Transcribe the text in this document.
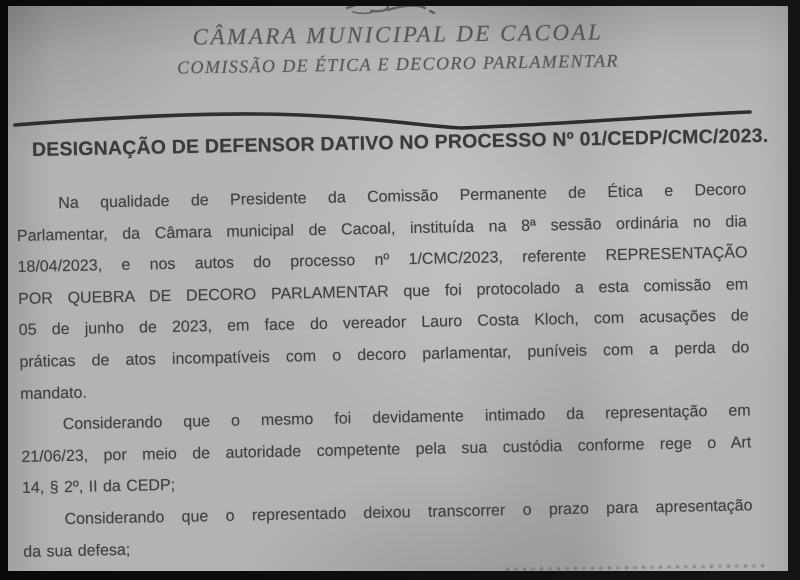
CÂMARA MUNICIPAL DE CACOAL
COMISSÃO DE ÉTICA E DECORO PARLAMENTAR
DESIGNAÇÃO DE DEFENSOR DATIVO NO PROCESSO Nº 01/CEDP/CMC/2023.
Na qualidade de Presidente da Comissão Permanente de Ética e Decoro
Parlamentar, da Câmara municipal de Cacoal, instituída na 8ª sessão ordinária no dia
18/04/2023, e nos autos do processo nº 1/CMC/2023, referente REPRESENTAÇÃO
POR QUEBRA DE DECORO PARLAMENTAR que foi protocolado a esta comissão em
05 de junho de 2023, em face do vereador Lauro Costa Kloch, com acusações de
práticas de atos incompatíveis com o decoro parlamentar, puníveis com a perda do
mandato.
Considerando que o mesmo foi devidamente intimado da representação em
21/06/23, por meio de autoridade competente pela sua custódia conforme rege o Art
14, § 2º, II da CEDP;
Considerando que o representado deixou transcorrer o prazo para apresentação
da sua defesa;
